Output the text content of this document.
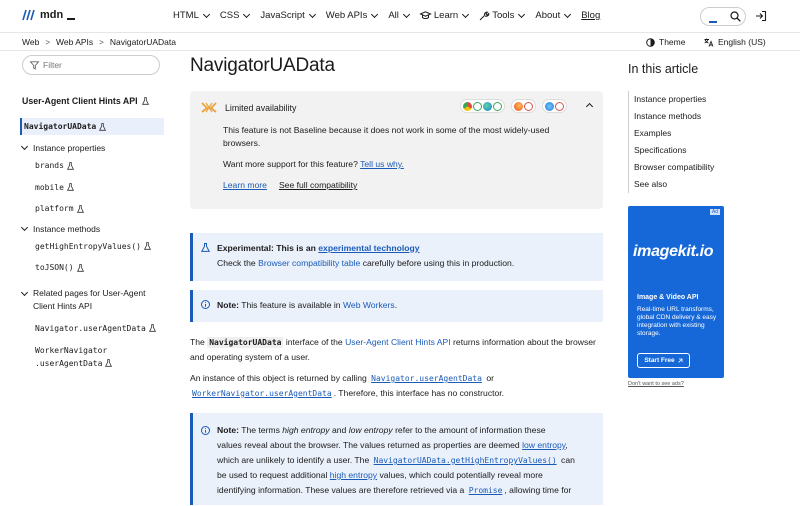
mdn	HTML CSS JavaScript Web APIs All	Learn	Tools About Blog
Web > Web APIs > NavigatorUAData	Theme	English (US)
Filter
User-Agent Client Hints API
NavigatorUAData
Instance properties
brands
mobile
platform
Instance methods
getHighEntropyValues()
toJSON()
Related pages for User-Agent
Client Hints API
Navigator.userAgentData
WorkerNavigator
.userAgentData
NavigatorUAData
Limited availability

This feature is not Baseline because it does not work in some of the most widely-used
browsers.

Want more support for this feature? Tell us why.

Learn more See full compatibility
Experimental: This is an experimental technology
Check the Browser compatibility table carefully before using this in production.
Note: This feature is available in Web Workers.

The NavigatorUAData interface of the User-Agent Client Hints API returns information about the browser and operating system of a user.

An instance of this object is returned by calling Navigator.userAgentData or WorkerNavigator.userAgentData . Therefore, this interface has no constructor.

Note: The terms high entropy and low entropy refer to the amount of information these
values reveal about the browser. The values returned as properties are deemed low entropy,
which are unlikely to identify a user. The NavigatorUAData.getHighEntropyValues() can
be used to request additional high entropy values, which could potentially reveal more
identifying information. These values are therefore retrieved via a Promise , allowing time for
In this article
Instance properties
Instance methods
Examples
Specifications
Browser compatibility
See also
Ad
imagekit.io
Image & Video API
Real-time URL transforms, global CDN delivery & easy integration with existing storage.
Start Free
Don't want to see ads?
